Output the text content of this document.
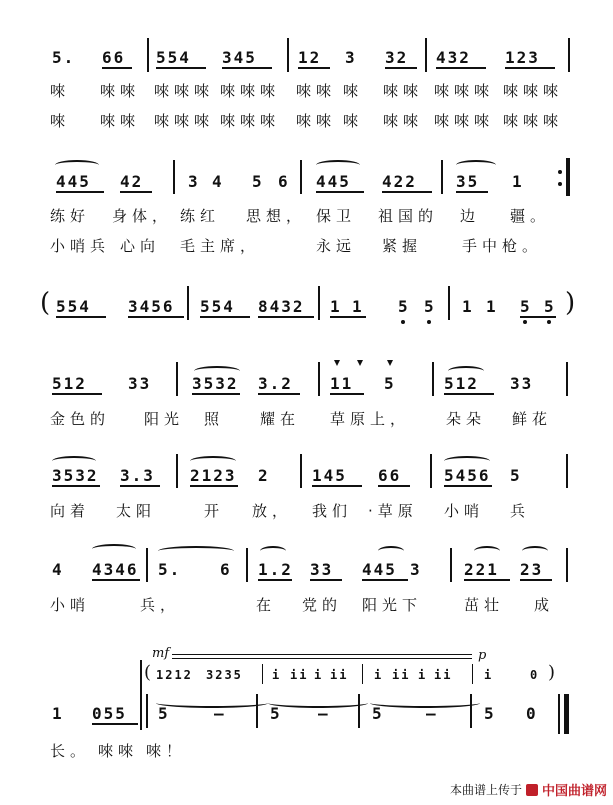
5. 66 554 345	12 3 32 432 123
唻 唻唻 唻唻唻 唻唻唻 唻唻 唻 唻唻 唻唻唻 唻唻唻
唻 唻唻 唻唻唻 唻唻唻 唻唻 唻 唻唻 唻唻唻 唻唻唻
445 42	3 4 5 6 445 422 35 1
练好 身体， 练红 思想， 保卫 祖国的 边 疆。
小哨兵 心向 毛主席，	永远 紧握	手中枪。
( 554 3456 554 8432 1 1 5 5 1 1 5 5 )
512	33	3532 3.2 11 5	512 33
金色的 阳光 照 耀在 草原上， 朵朵 鲜花
3532 3.3 2123 2	145 66	5456 5
向着 太阳	开 放， 我们 ·草原 小哨 兵
4 4346 5. 6 1.2 33 445 3	221 23
小哨	兵，	在 党的 阳光下	茁壮 成
mf	p
( 1212 3235 i ii i ii i ii i ii	i	0 )
1 055 5	–	5 –	5	–	5 0
长。 唻唻 唻！
本曲谱上传于 中国曲谱网
